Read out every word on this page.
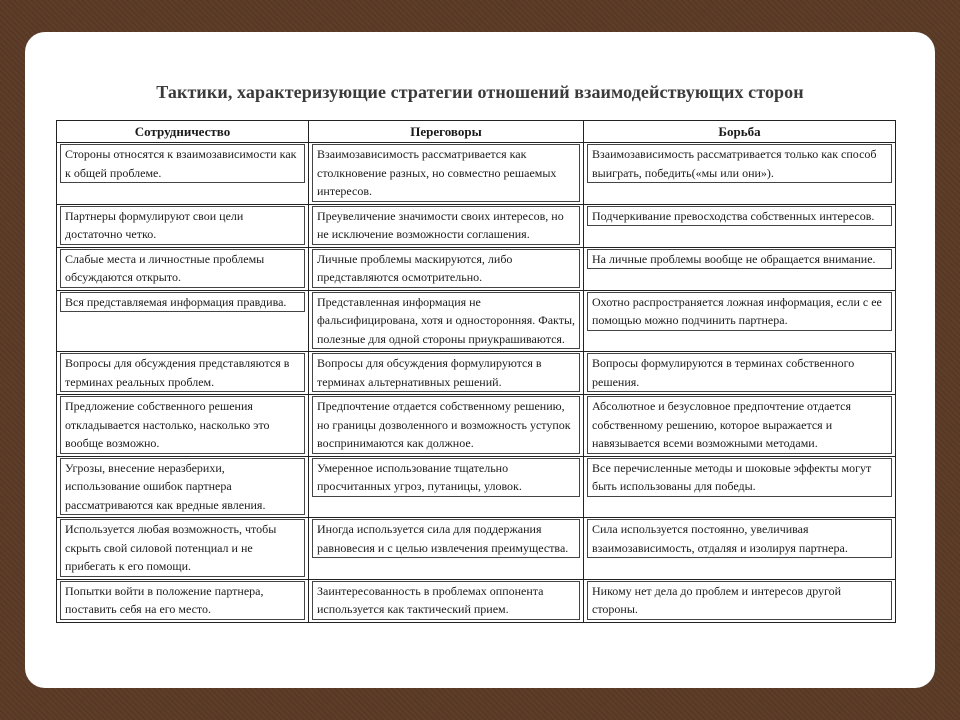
Тактики, характеризующие стратегии отношений взаимодействующих сторон
Сотрудничество	Переговоры	Борьба

Стороны относятся к взаимозависимости как к общей проблеме.	Взаимозависимость рассматривается как столкновение разных, но совместно решаемых интересов.	Взаимозависимость рассматривается только как способ выиграть, победить(«мы или они»).

Партнеры формулируют свои цели достаточно четко.	Преувеличение значимости своих интересов, но не исключение возможности соглашения.	Подчеркивание превосходства собственных интересов.

Слабые места и личностные проблемы обсуждаются открыто.	Личные проблемы маскируются, либо представляются осмотрительно.	На личные проблемы вообще не обращается внимание.

Вся представляемая информация правдива.	Представленная информация не фальсифицирована, хотя и односторонняя. Факты, полезные для одной стороны приукрашиваются.	Охотно распространяется ложная информация, если с ее помощью можно подчинить партнера.

Вопросы для обсуждения представляются в терминах реальных проблем.	Вопросы для обсуждения формулируются в терминах альтернативных решений.	Вопросы формулируются в терминах собственного решения.

Предложение собственного решения откладывается настолько, насколько это вообще возможно.	Предпочтение отдается собственному решению, но границы дозволенного и возможность уступок воспринимаются как должное.	Абсолютное и безусловное предпочтение отдается собственному решению, которое выражается и навязывается всеми возможными методами.

Угрозы, внесение неразберихи, использование ошибок партнера рассматриваются как вредные явления.	Умеренное использование тщательно просчитанных угроз, путаницы, уловок.	Все перечисленные методы и шоковые эффекты могут быть использованы для победы.

Используется любая возможность, чтобы скрыть свой силовой потенциал и не прибегать к его помощи.	Иногда используется сила для поддержания равновесия и с целью извлечения преимущества.	Сила используется постоянно, увеличивая взаимозависимость, отдаляя и изолируя партнера.

Попытки войти в положение партнера, поставить себя на его место.	Заинтересованность в проблемах оппонента используется как тактический прием.	Никому нет дела до проблем и интересов другой стороны.
